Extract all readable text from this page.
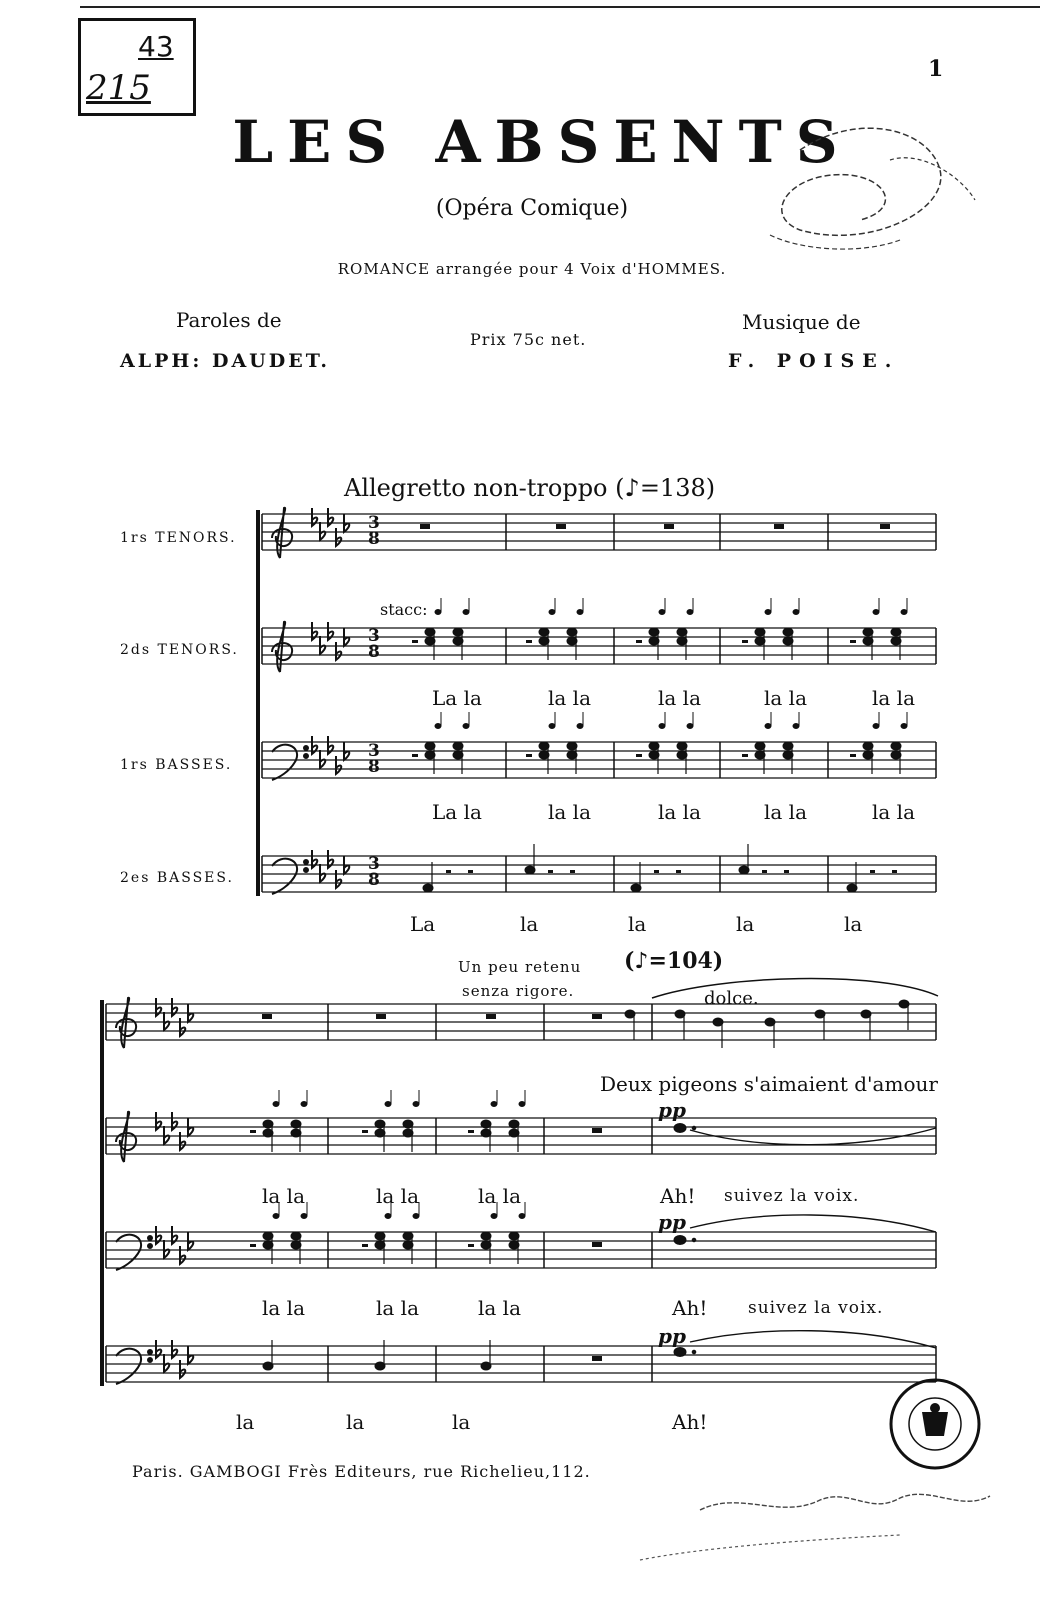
43
215	1
LES ABSENTS
(Opéra Comique)
ROMANCE arrangée pour 4 Voix d'HOMMES.
Paroles de
ALPH: DAUDET.
Prix 75c net.
Musique de
F. POISE.
Allegretto non-troppo (♪=138)
1rs TENORS.
2ds TENORS.
1rs BASSES.
2es BASSES.
stacc:
La la	la la	la la	la la	la la
La la	la la	la la	la la	la la
La	la	la	la	la
Un peu retenu
senza rigore.
(♪=104)
dolce.
Deux pigeons s'aimaient d'amour
pp
pp
pp
la la	la la	la la	Ah! suivez la voix.
la la	la la	la la	Ah! suivez la voix.
la	la	la	Ah!
Paris. GAMBOGI Frès Editeurs, rue Richelieu,112.
3
8
3
8
3
8
3
8
